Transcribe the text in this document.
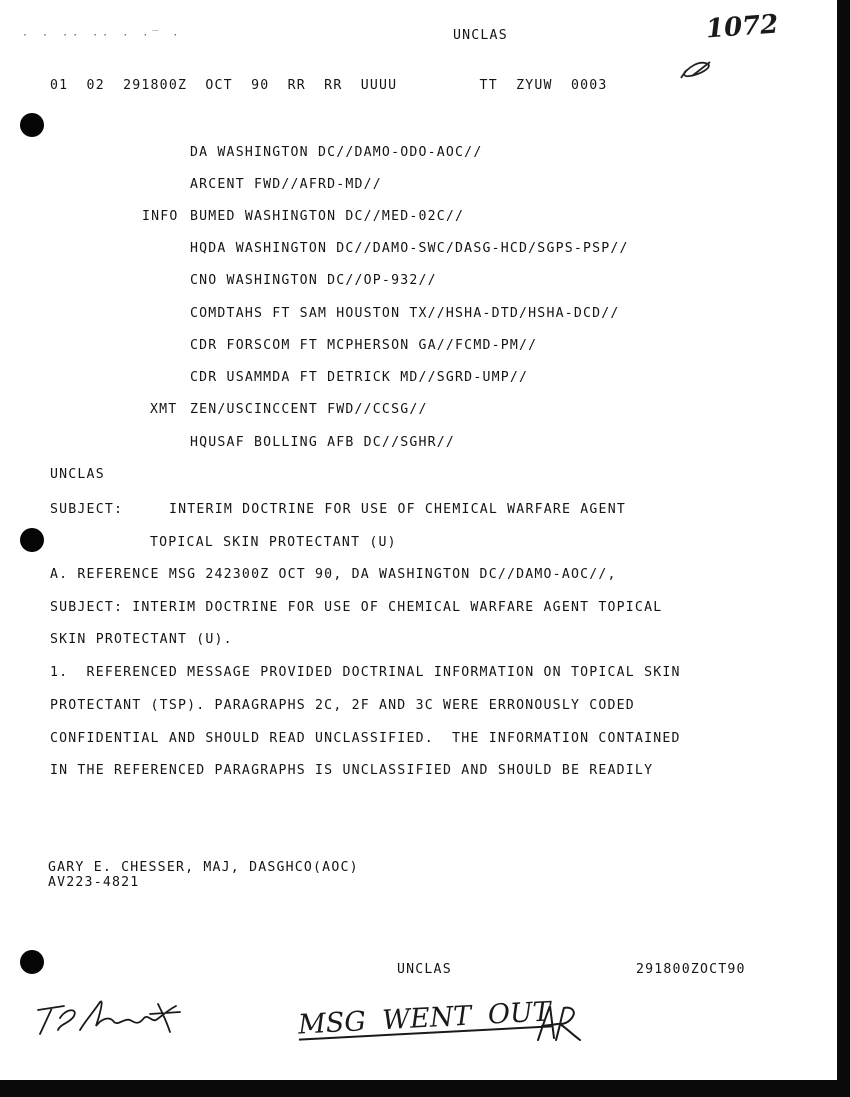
· · ·· ·· · ·‾ ·	UNCLAS
01  02  291800Z  OCT  90  RR  RR  UUUU         TT  ZYUW  0003
1072
DA WASHINGTON DC//DAMO-ODO-AOC//
ARCENT FWD//AFRD-MD//
INFO BUMED WASHINGTON DC//MED-02C//
HQDA WASHINGTON DC//DAMO-SWC/DASG-HCD/SGPS-PSP//
CNO WASHINGTON DC//OP-932//
COMDTAHS FT SAM HOUSTON TX//HSHA-DTD/HSHA-DCD//
CDR FORSCOM FT MCPHERSON GA//FCMD-PM//
CDR USAMMDA FT DETRICK MD//SGRD-UMP//
XMT ZEN/USCINCCENT FWD//CCSG//
HQUSAF BOLLING AFB DC//SGHR//
UNCLAS
SUBJECT:	INTERIM DOCTRINE FOR USE OF CHEMICAL WARFARE AGENT
TOPICAL SKIN PROTECTANT (U)
A. REFERENCE MSG 242300Z OCT 90, DA WASHINGTON DC//DAMO-AOC//,
SUBJECT: INTERIM DOCTRINE FOR USE OF CHEMICAL WARFARE AGENT TOPICAL
SKIN PROTECTANT (U).
1.  REFERENCED MESSAGE PROVIDED DOCTRINAL INFORMATION ON TOPICAL SKIN
PROTECTANT (TSP). PARAGRAPHS 2C, 2F AND 3C WERE ERRONOUSLY CODED
CONFIDENTIAL AND SHOULD READ UNCLASSIFIED.  THE INFORMATION CONTAINED
IN THE REFERENCED PARAGRAPHS IS UNCLASSIFIED AND SHOULD BE READILY
GARY E. CHESSER, MAJ, DASGHCO(AOC)
AV223-4821
UNCLAS	291800ZOCT90
MSG WENT OUT
